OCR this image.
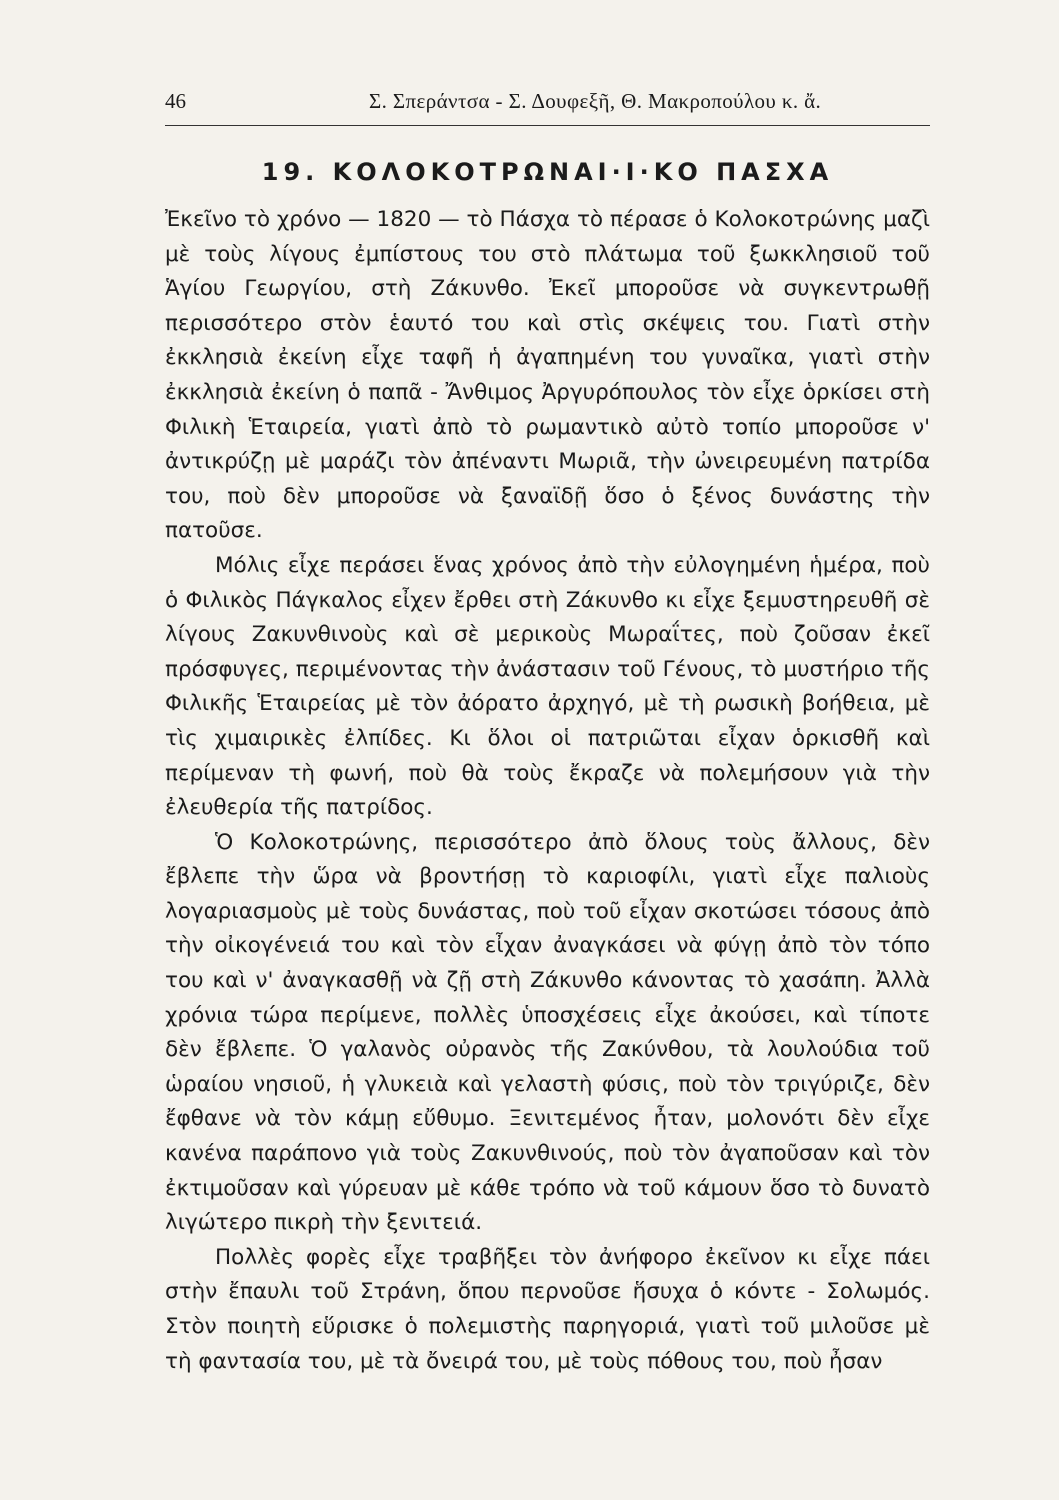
46	Σ. Σπεράντσα - Σ. Δουφεξῆ, Θ. Μακροπούλου κ. ἄ.
19. ΚΟΛΟΚΟΤΡΩΝΑΙ·Ι·ΚΟ ΠΑΣΧΑ

Ἐκεῖνο τὸ χρόνο — 1820 — τὸ Πάσχα τὸ πέρασε ὁ Κολοκοτρώνης μαζὶ μὲ τοὺς λίγους ἐμπίστους του στὸ πλάτωμα τοῦ ξωκκλησιοῦ τοῦ Ἁγίου Γεωργίου, στὴ Ζάκυνθο. Ἐκεῖ μποροῦσε νὰ συγκεντρωθῇ περισσότερο στὸν ἑαυτό του καὶ στὶς σκέψεις του. Γιατὶ στὴν ἐκκλησιὰ ἐκείνη εἶχε ταφῆ ἡ ἀγαπημένη του γυναῖκα, γιατὶ στὴν ἐκκλησιὰ ἐκείνη ὁ παπᾶ - Ἄνθιμος Ἀργυρόπουλος τὸν εἶχε ὁρκίσει στὴ Φιλικὴ Ἑταιρεία, γιατὶ ἀπὸ τὸ ρωμαντικὸ αὐτὸ τοπίο μποροῦσε ν' ἀντικρύζῃ μὲ μαράζι τὸν ἀπέναντι Μωριᾶ, τὴν ὠνειρευμένη πατρίδα του, ποὺ δὲν μποροῦσε νὰ ξαναϊδῇ ὅσο ὁ ξένος δυνάστης τὴν πατοῦσε.

Μόλις εἶχε περάσει ἕνας χρόνος ἀπὸ τὴν εὐλογημένη ἡμέρα, ποὺ ὁ Φιλικὸς Πάγκαλος εἶχεν ἔρθει στὴ Ζάκυνθο κι εἶχε ξεμυστηρευθῆ σὲ λίγους Ζακυνθινοὺς καὶ σὲ μερικοὺς Μωραΐτες, ποὺ ζοῦσαν ἐκεῖ πρόσφυγες, περιμένοντας τὴν ἀνάστασιν τοῦ Γένους, τὸ μυστήριο τῆς Φιλικῆς Ἑταιρείας μὲ τὸν ἀόρατο ἀρχηγό, μὲ τὴ ρωσικὴ βοήθεια, μὲ τὶς χιμαιρικὲς ἐλπίδες. Κι ὅλοι οἱ πατριῶται εἶχαν ὁρκισθῆ καὶ περίμεναν τὴ φωνή, ποὺ θὰ τοὺς ἔκραζε νὰ πολεμήσουν γιὰ τὴν ἐλευθερία τῆς πατρίδος.

Ὁ Κολοκοτρώνης, περισσότερο ἀπὸ ὅλους τοὺς ἄλλους, δὲν ἔβλεπε τὴν ὥρα νὰ βροντήσῃ τὸ καριοφίλι, γιατὶ εἶχε παλιοὺς λογαριασμοὺς μὲ τοὺς δυνάστας, ποὺ τοῦ εἶχαν σκοτώσει τόσους ἀπὸ τὴν οἰκογένειά του καὶ τὸν εἶχαν ἀναγκάσει νὰ φύγῃ ἀπὸ τὸν τόπο του καὶ ν' ἀναγκασθῇ νὰ ζῇ στὴ Ζάκυνθο κάνοντας τὸ χασάπη. Ἀλλὰ χρόνια τώρα περίμενε, πολλὲς ὑποσχέσεις εἶχε ἀκούσει, καὶ τίποτε δὲν ἔβλεπε. Ὁ γαλανὸς οὐρανὸς τῆς Ζακύνθου, τὰ λουλούδια τοῦ ὡραίου νησιοῦ, ἡ γλυκειὰ καὶ γελαστὴ φύσις, ποὺ τὸν τριγύριζε, δὲν ἔφθανε νὰ τὸν κάμῃ εὔθυμο. Ξενιτεμένος ἦταν, μολονότι δὲν εἶχε κανένα παράπονο γιὰ τοὺς Ζακυνθινούς, ποὺ τὸν ἀγαποῦσαν καὶ τὸν ἐκτιμοῦσαν καὶ γύρευαν μὲ κάθε τρόπο νὰ τοῦ κάμουν ὅσο τὸ δυνατὸ λιγώτερο πικρὴ τὴν ξενιτειά.

Πολλὲς φορὲς εἶχε τραβῆξει τὸν ἀνήφορο ἐκεῖνον κι εἶχε πάει στὴν ἔπαυλι τοῦ Στράνη, ὅπου περνοῦσε ἥσυχα ὁ κόντε - Σολωμός. Στὸν ποιητὴ εὕρισκε ὁ πολεμιστὴς παρηγοριά, γιατὶ τοῦ μιλοῦσε μὲ τὴ φαντασία του, μὲ τὰ ὄνειρά του, μὲ τοὺς πόθους του, ποὺ ἦσαν
